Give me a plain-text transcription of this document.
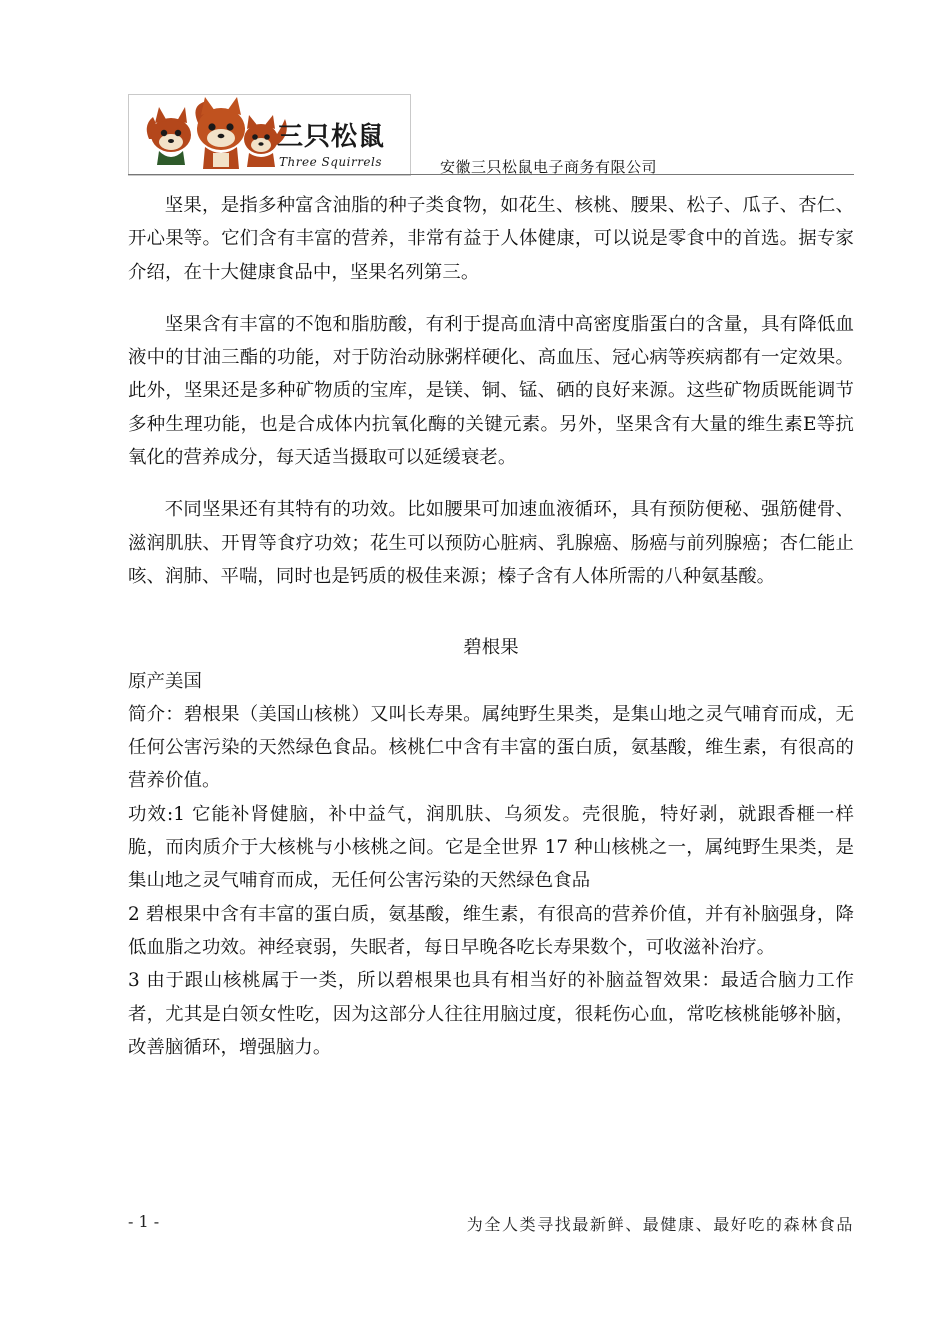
三只松鼠
Three Squirrels	安徽三只松鼠电子商务有限公司

坚果，是指多种富含油脂的种子类食物，如花生、核桃、腰果、松子、瓜子、杏仁、开心果等。它们含有丰富的营养，非常有益于人体健康，可以说是零食中的首选。据专家介绍，在十大健康食品中，坚果名列第三。

坚果含有丰富的不饱和脂肪酸，有利于提高血清中高密度脂蛋白的含量，具有降低血液中的甘油三酯的功能，对于防治动脉粥样硬化、高血压、冠心病等疾病都有一定效果。此外，坚果还是多种矿物质的宝库，是镁、铜、锰、硒的良好来源。这些矿物质既能调节多种生理功能，也是合成体内抗氧化酶的关键元素。另外，坚果含有大量的维生素E等抗氧化的营养成分，每天适当摄取可以延缓衰老。

不同坚果还有其特有的功效。比如腰果可加速血液循环，具有预防便秘、强筋健骨、滋润肌肤、开胃等食疗功效；花生可以预防心脏病、乳腺癌、肠癌与前列腺癌；杏仁能止咳、润肺、平喘，同时也是钙质的极佳来源；榛子含有人体所需的八种氨基酸。

碧根果

原产美国

简介：碧根果（美国山核桃）又叫长寿果。属纯野生果类，是集山地之灵气哺育而成，无任何公害污染的天然绿色食品。核桃仁中含有丰富的蛋白质，氨基酸，维生素，有很高的营养价值。

功效:1 它能补肾健脑，补中益气，润肌肤、乌须发。壳很脆，特好剥，就跟香榧一样脆，而肉质介于大核桃与小核桃之间。它是全世界 17 种山核桃之一，属纯野生果类，是集山地之灵气哺育而成，无任何公害污染的天然绿色食品

2 碧根果中含有丰富的蛋白质，氨基酸，维生素，有很高的营养价值，并有补脑强身，降低血脂之功效。神经衰弱，失眠者，每日早晚各吃长寿果数个，可收滋补治疗。

3 由于跟山核桃属于一类，所以碧根果也具有相当好的补脑益智效果：最适合脑力工作者，尤其是白领女性吃，因为这部分人往往用脑过度，很耗伤心血，常吃核桃能够补脑，改善脑循环，增强脑力。

- 1 -	为全人类寻找最新鲜、最健康、最好吃的森林食品
